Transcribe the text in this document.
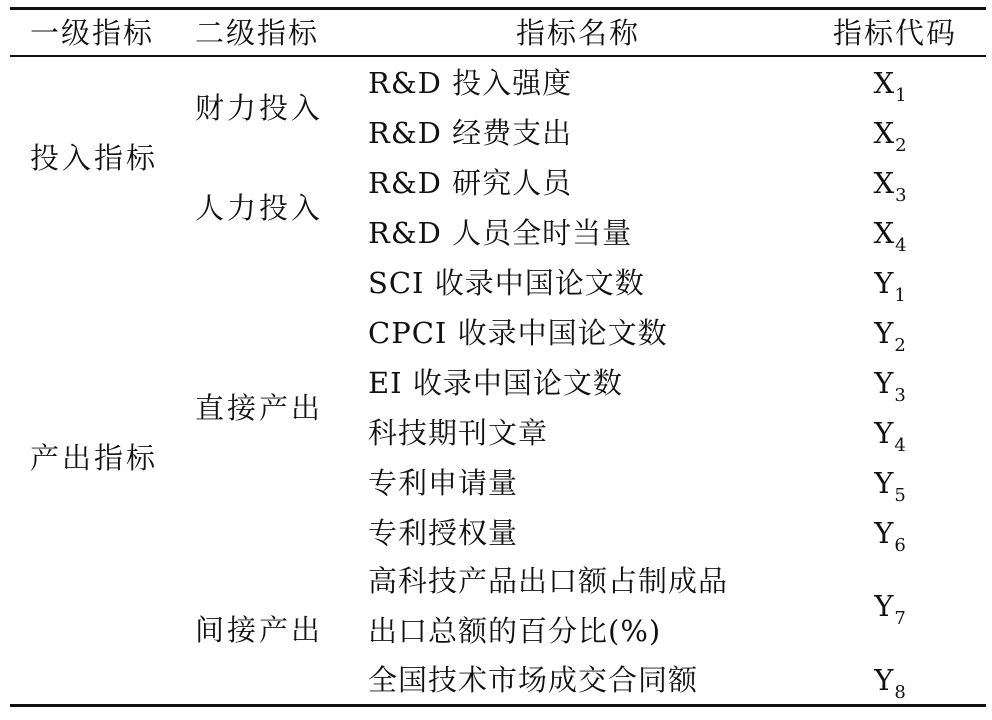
一级指标 二级指标	指标名称	指标代码
投入指标
产出指标
财力投入
人力投入
直接产出
间接产出
R&D 投入强度
R&D 经费支出
R&D 研究人员
R&D 人员全时当量
SCI 收录中国论文数
CPCI 收录中国论文数
EI 收录中国论文数
科技期刊文章
专利申请量
专利授权量
高科技产品出口额占制成品
出口总额的百分比(%)
全国技术市场成交合同额
$X_1$
$X_2$
$X_3$
$X_4$
$Y_1$
$Y_2$
$Y_3$
$Y_4$
$Y_5$
$Y_6$
$Y_7$
$Y_8$
